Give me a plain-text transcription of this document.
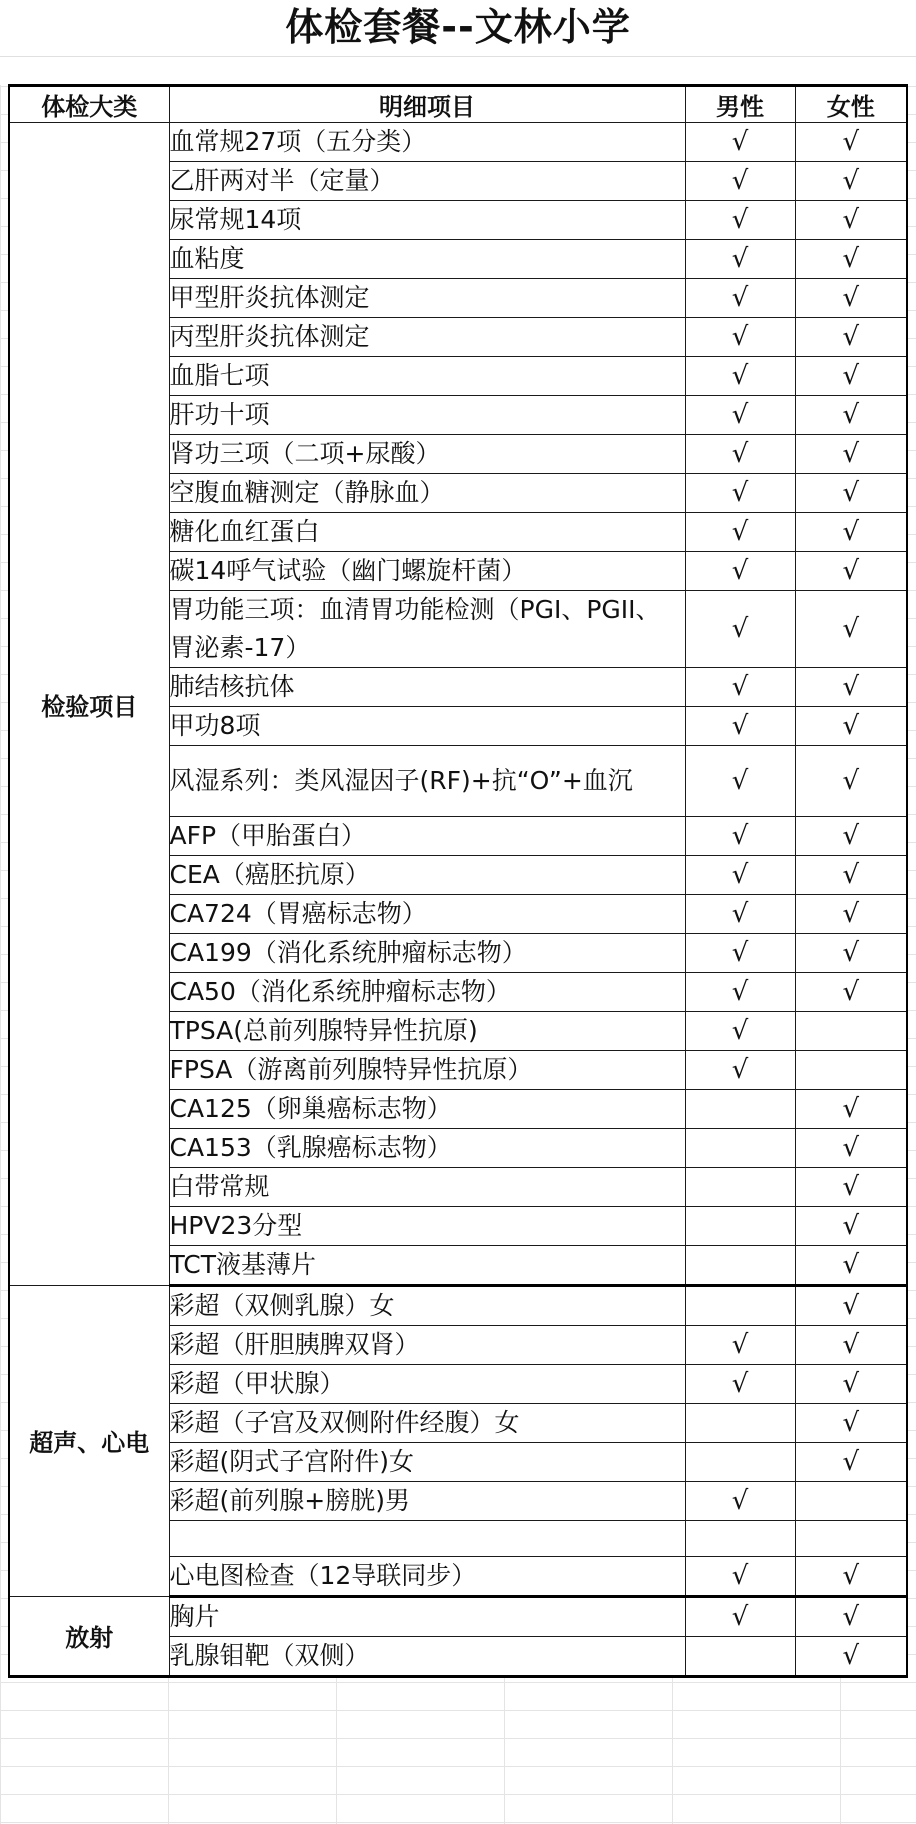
体检套餐--文林小学
体检大类	明细项目	男性	女性
检验项目	血常规27项（五分类）	√	√
	乙肝两对半（定量）	√	√
	尿常规14项	√	√
	血粘度	√	√
	甲型肝炎抗体测定	√	√
	丙型肝炎抗体测定	√	√
	血脂七项	√	√
	肝功十项	√	√
	肾功三项（二项+尿酸）	√	√
	空腹血糖测定（静脉血）	√	√
	糖化血红蛋白	√	√
	碳14呼气试验（幽门螺旋杆菌）	√	√
	胃功能三项：血清胃功能检测（PGI、PGII、胃泌素-17）	√	√
	肺结核抗体	√	√
	甲功8项	√	√
	风湿系列：类风湿因子(RF)+抗“O”+血沉	√	√
	AFP（甲胎蛋白）	√	√
	CEA（癌胚抗原）	√	√
	CA724（胃癌标志物）	√	√
	CA199（消化系统肿瘤标志物）	√	√
	CA50（消化系统肿瘤标志物）	√	√
	TPSA(总前列腺特异性抗原)	√	
	FPSA（游离前列腺特异性抗原）	√	
	CA125（卵巢癌标志物）		√
	CA153（乳腺癌标志物）		√
	白带常规		√
	HPV23分型		√
	TCT液基薄片		√
超声、心电	彩超（双侧乳腺）女		√
	彩超（肝胆胰脾双肾）	√	√
	彩超（甲状腺）	√	√
	彩超（子宫及双侧附件经腹）女		√
	彩超(阴式子宫附件)女		√
	彩超(前列腺+膀胱)男	√	

	心电图检查（12导联同步）	√	√
放射	胸片	√	√
	乳腺钼靶（双侧）		√
